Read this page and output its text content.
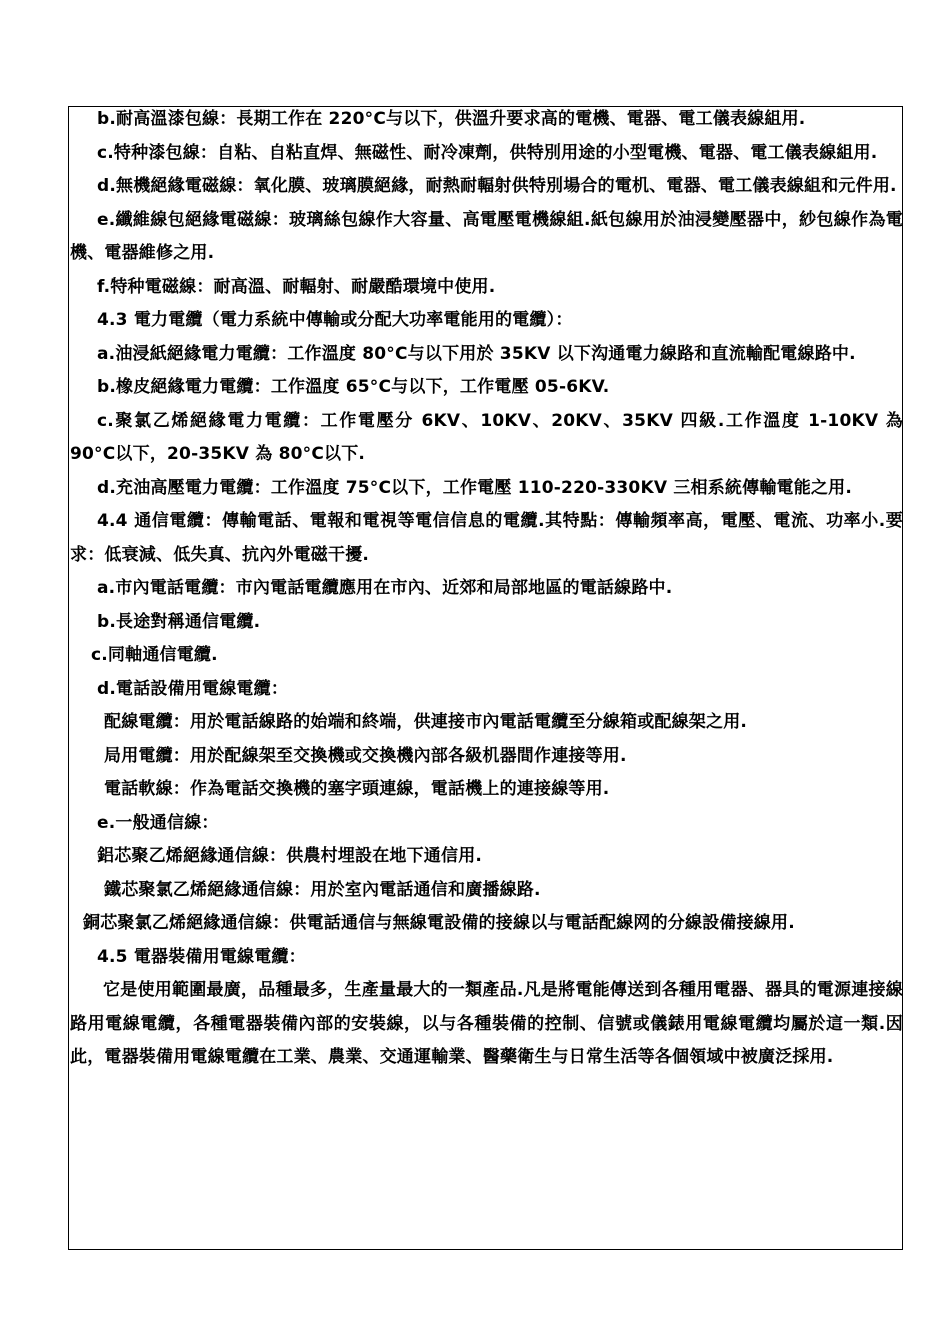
b.耐高溫漆包線：長期工作在 220°C与以下，供溫升要求高的電機、電器、電工儀表線組用.

c.特种漆包線：自粘、自粘直焊、無磁性、耐冷凍劑，供特別用途的小型電機、電器、電工儀表線組用.

d.無機絕緣電磁線：氧化膜、玻璃膜絕緣，耐熱耐輻射供特別場合的電机、電器、電工儀表線組和元件用.

e.纖維線包絕緣電磁線：玻璃絲包線作大容量、高電壓電機線組.紙包線用於油浸變壓器中，紗包線作為電機、電器維修之用.

f.特种電磁線：耐高溫、耐輻射、耐嚴酷環境中使用.

4.3 電力電纜（電力系統中傳輸或分配大功率電能用的電纜）：

a.油浸紙絕緣電力電纜：工作溫度 80°C与以下用於 35KV 以下沟通電力線路和直流輸配電線路中.

b.橡皮絕緣電力電纜：工作溫度 65°C与以下，工作電壓 05-6KV.

c.聚氯乙烯絕緣電力電纜：工作電壓分 6KV、10KV、20KV、35KV 四級.工作溫度 1-10KV 為 90°C以下，20-35KV 為 80°C以下.

d.充油高壓電力電纜：工作溫度 75°C以下，工作電壓 110-220-330KV 三相系統傳輸電能之用.

4.4 通信電纜：傳輸電話、電報和電視等電信信息的電纜.其特點：傳輸頻率高，電壓、電流、功率小.要求：低衰減、低失真、抗內外電磁干擾.

a.市內電話電纜：市內電話電纜應用在市內、近郊和局部地區的電話線路中.

b.長途對稱通信電纜.

c.同軸通信電纜.

d.電話設備用電線電纜：

配線電纜：用於電話線路的始端和終端，供連接市內電話電纜至分線箱或配線架之用.

局用電纜：用於配線架至交換機或交換機內部各級机器間作連接等用.

電話軟線：作為電話交換機的塞字頭連線，電話機上的連接線等用.

e.一般通信線：

鋁芯聚乙烯絕緣通信線：供農村埋設在地下通信用.

鐵芯聚氯乙烯絕緣通信線：用於室內電話通信和廣播線路.

銅芯聚氯乙烯絕緣通信線：供電話通信与無線電設備的接線以与電話配線网的分線設備接線用.

4.5 電器裝備用電線電纜：

它是使用範圍最廣，品種最多，生產量最大的一類產品.凡是將電能傳送到各種用電器、器具的電源連接線路用電線電纜，各種電器裝備內部的安裝線，以与各種裝備的控制、信號或儀錶用電線電纜均屬於這一類.因此，電器裝備用電線電纜在工業、農業、交通運輸業、醫藥衛生与日常生活等各個領域中被廣泛採用.
